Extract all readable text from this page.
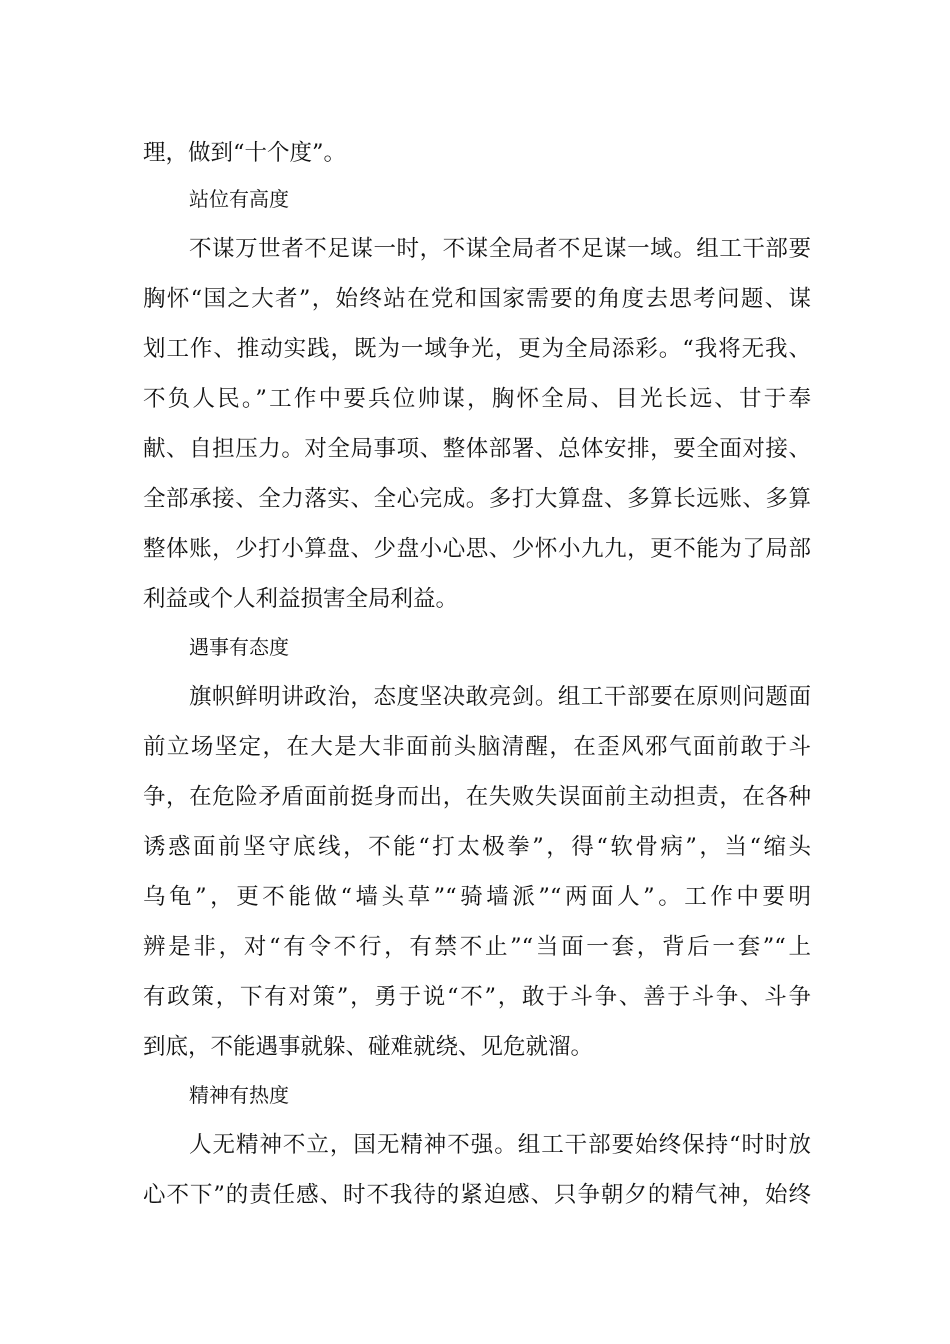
理，做到“十个度”。
站位有高度
不谋万世者不足谋一时，不谋全局者不足谋一域。组工干部要
胸怀“国之大者”，始终站在党和国家需要的角度去思考问题、谋
划工作、推动实践，既为一域争光，更为全局添彩。“我将无我、
不负人民。”工作中要兵位帅谋，胸怀全局、目光长远、甘于奉
献、自担压力。对全局事项、整体部署、总体安排，要全面对接、
全部承接、全力落实、全心完成。多打大算盘、多算长远账、多算
整体账，少打小算盘、少盘小心思、少怀小九九，更不能为了局部
利益或个人利益损害全局利益。
遇事有态度
旗帜鲜明讲政治，态度坚决敢亮剑。组工干部要在原则问题面
前立场坚定，在大是大非面前头脑清醒，在歪风邪气面前敢于斗
争，在危险矛盾面前挺身而出，在失败失误面前主动担责，在各种
诱惑面前坚守底线，不能“打太极拳”，得“软骨病”，当“缩头
乌龟”，更不能做“墙头草”“骑墙派”“两面人”。工作中要明
辨是非，对“有令不行，有禁不止”“当面一套，背后一套”“上
有政策，下有对策”，勇于说“不”，敢于斗争、善于斗争、斗争
到底，不能遇事就躲、碰难就绕、见危就溜。
精神有热度
人无精神不立，国无精神不强。组工干部要始终保持“时时放
心不下”的责任感、时不我待的紧迫感、只争朝夕的精气神，始终
